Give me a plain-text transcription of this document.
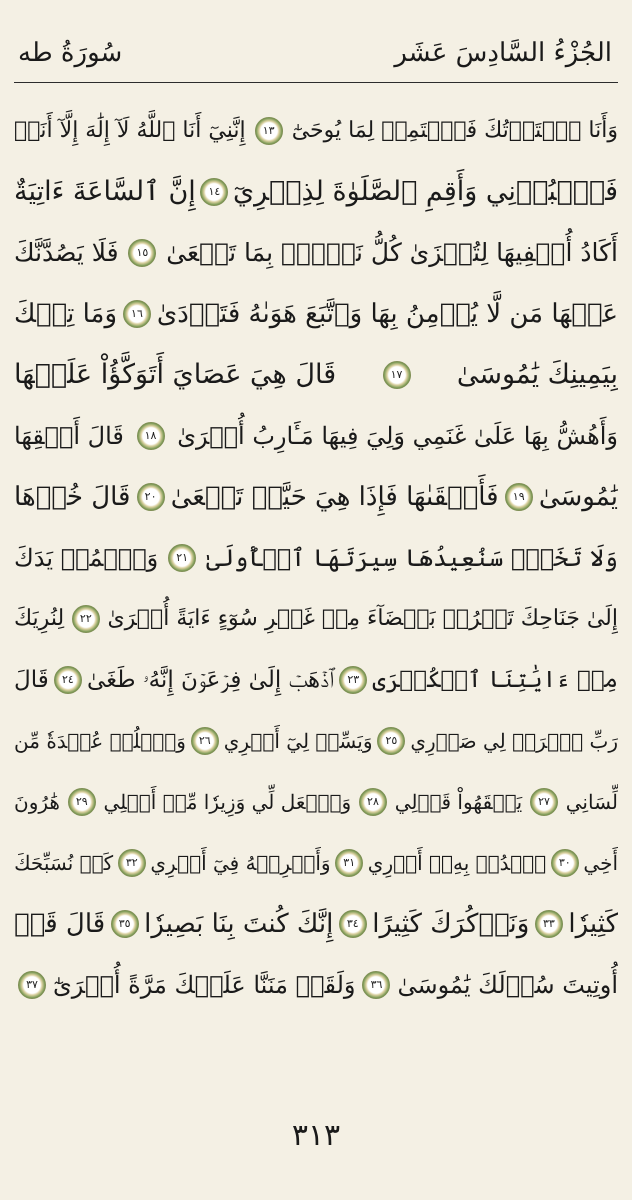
الجُزْءُ السَّادِسَ عَشَر
سُورَةُ طه
وَأَنَا ٱخۡتَرۡتُكَ فَٱسۡتَمِعۡ لِمَا يُوحَىٰٓ
١٣
إِنَّنِيٓ أَنَا ٱللَّهُ لَآ إِلَٰهَ إِلَّآ أَنَا۠
فَٱعۡبُدۡنِي وَأَقِمِ ٱلصَّلَوٰةَ لِذِكۡرِيٓ
١٤
إِنَّ ٱلسَّاعَةَ ءَاتِيَةٌ
أَكَادُ أُخۡفِيهَا لِتُجۡزَىٰ كُلُّ نَفۡسِۭ بِمَا تَسۡعَىٰ
١٥
فَلَا يَصُدَّنَّكَ
عَنۡهَا مَن لَّا يُؤۡمِنُ بِهَا وَٱتَّبَعَ هَوَىٰهُ فَتَرۡدَىٰ
١٦
وَمَا تِلۡكَ
بِيَمِينِكَ يَٰمُوسَىٰ
١٧
قَالَ هِيَ عَصَايَ أَتَوَكَّؤُاْ عَلَيۡهَا
وَأَهُشُّ بِهَا عَلَىٰ غَنَمِي وَلِيَ فِيهَا مَـَٔارِبُ أُخۡرَىٰ
١٨
قَالَ أَلۡقِهَا
يَٰمُوسَىٰ
١٩
فَأَلۡقَىٰهَا فَإِذَا هِيَ حَيَّةٞ تَسۡعَىٰ
٢٠
قَالَ خُذۡهَا
وَلَا تَخَفۡۖ سَنُعِيدُهَا سِيرَتَهَا ٱلۡأُولَىٰ
٢١
وَٱضۡمُمۡ يَدَكَ
إِلَىٰ جَنَاحِكَ تَخۡرُجۡ بَيۡضَآءَ مِنۡ غَيۡرِ سُوٓءٍ ءَايَةً أُخۡرَىٰ
٢٢
لِنُرِيَكَ
مِنۡ ءَايَٰتِنَا ٱلۡكُبۡرَى
٢٣
ٱذۡهَبۡ إِلَىٰ فِرۡعَوۡنَ إِنَّهُۥ طَغَىٰ
٢٤
قَالَ
رَبِّ ٱشۡرَحۡ لِي صَدۡرِي
٢٥
وَيَسِّرۡ لِيٓ أَمۡرِي
٢٦
وَٱحۡلُلۡ عُقۡدَةٗ مِّن
لِّسَانِي
٢٧
يَفۡقَهُواْ قَوۡلِي
٢٨
وَٱجۡعَل لِّي وَزِيرٗا مِّنۡ أَهۡلِي
٢٩
هَٰرُونَ
أَخِي
٣٠
ٱشۡدُدۡ بِهِۦٓ أَزۡرِي
٣١
وَأَشۡرِكۡهُ فِيٓ أَمۡرِي
٣٢
كَيۡ نُسَبِّحَكَ
كَثِيرٗا
٣٣
وَنَذۡكُرَكَ كَثِيرًا
٣٤
إِنَّكَ كُنتَ بِنَا بَصِيرٗا
٣٥
قَالَ قَدۡ
أُوتِيتَ سُؤۡلَكَ يَٰمُوسَىٰ
٣٦
وَلَقَدۡ مَنَنَّا عَلَيۡكَ مَرَّةً أُخۡرَىٰٓ
٣٧
٣١٣
